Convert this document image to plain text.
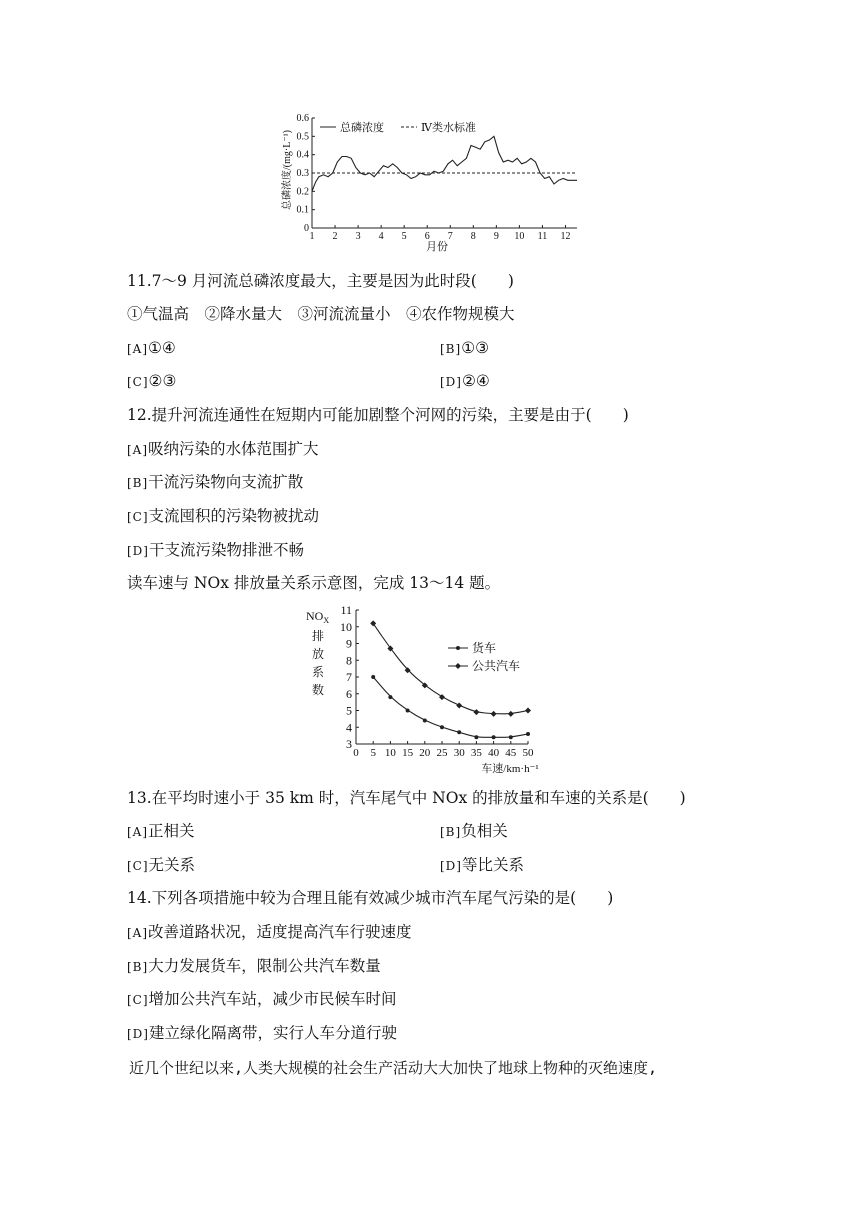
0
0.1
0.2
0.3
0.4
0.5
0.6
1 2 3 4 5 6 7 8 9 10 11 12
总磷浓度	Ⅳ类水标准
总磷浓度/(mg·L⁻¹)
月份
11.7～9 月河流总磷浓度最大，主要是因为此时段(　　)
①气温高　②降水量大　③河流流量小　④农作物规模大
[A]①④	[B]①③
[C]②③	[D]②④
12.提升河流连通性在短期内可能加剧整个河网的污染，主要是由于(　　)
[A]吸纳污染的水体范围扩大
[B]干流污染物向支流扩散
[C]支流囤积的污染物被扰动
[D]干支流污染物排泄不畅
读车速与 NOx 排放量关系示意图，完成 13～14 题。
3
4
5
6
7
8
9
10
11
0 5 10 15 20 25 30 35 40 45 50
$NO_X$
排
放
系
数
货车
公共汽车
车速/km·h⁻¹
13.在平均时速小于 35 km 时，汽车尾气中 NOx 的排放量和车速的关系是(　　)
[A]正相关	[B]负相关
[C]无关系	[D]等比关系
14.下列各项措施中较为合理且能有效减少城市汽车尾气污染的是(　　)
[A]改善道路状况，适度提高汽车行驶速度
[B]大力发展货车，限制公共汽车数量
[C]增加公共汽车站，减少市民候车时间
[D]建立绿化隔离带，实行人车分道行驶
近几个世纪以来,人类大规模的社会生产活动大大加快了地球上物种的灭绝速度,
